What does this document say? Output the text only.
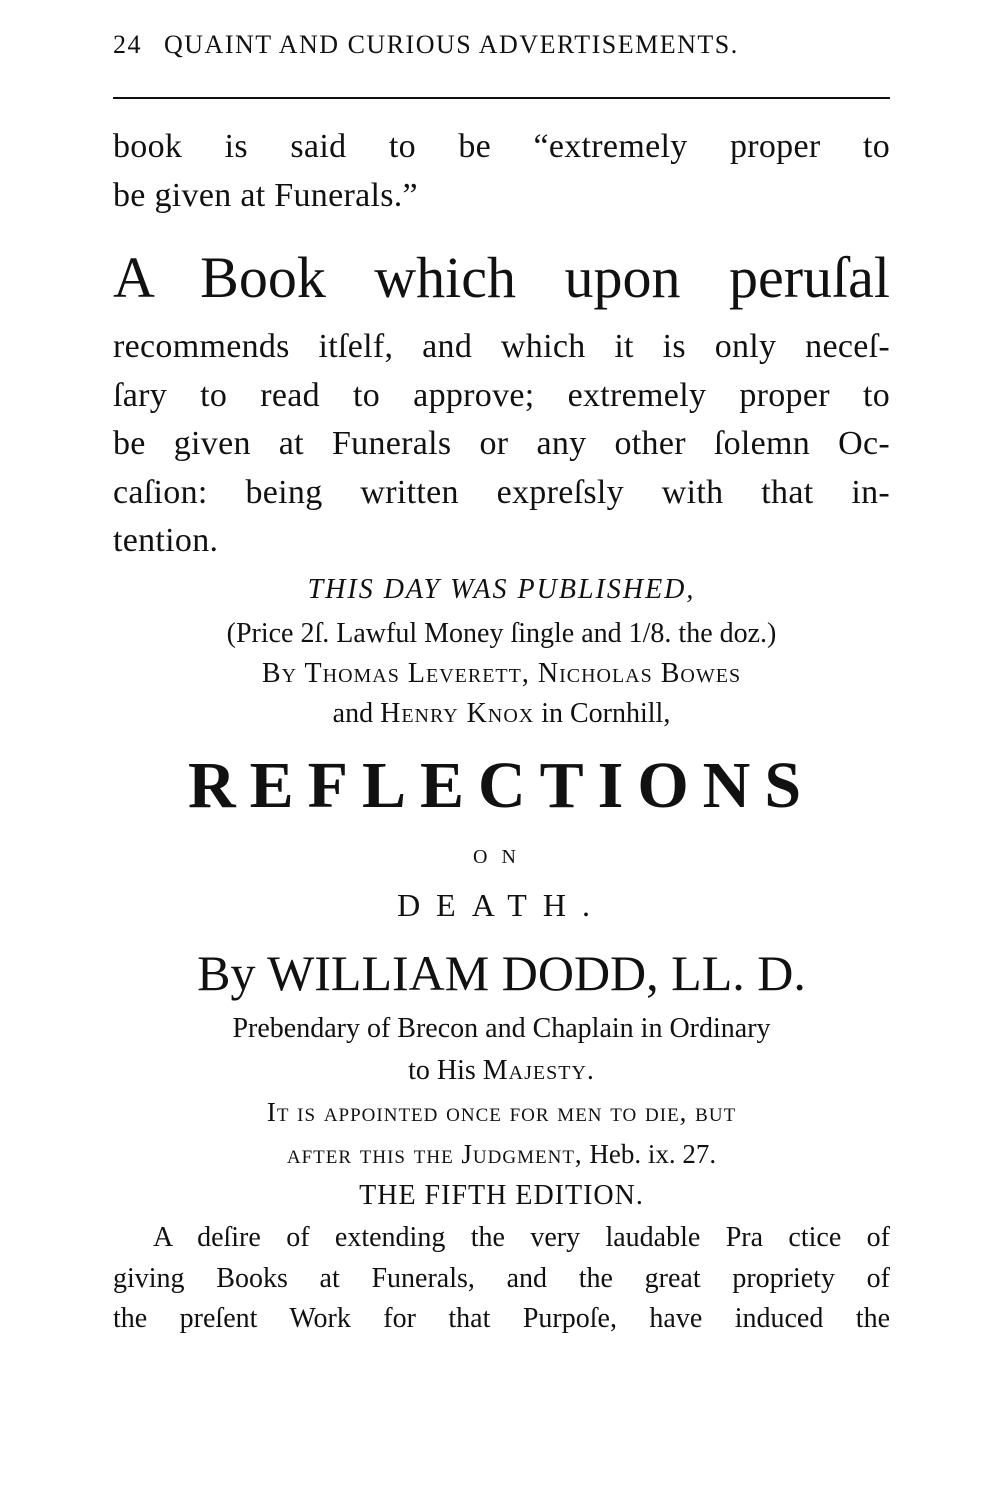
24 QUAINT AND CURIOUS ADVERTISEMENTS.
book is said to be “extremely proper to
be given at Funerals.”
A Book which upon peruſal
recommends itſelf, and which it is only neceſ-
ſary to read to approve; extremely proper to
be given at Funerals or any other ſolemn Oc-
caſion: being written expreſsly with that in-
tention.
THIS DAY WAS PUBLISHED,
(Price 2ſ. Lawful Money ſingle and 1/8. the doz.)
By Thomas Leverett, Nicholas Bowes
and Henry Knox in Cornhill,
REFLECTIONS
ON
DEATH.
By WILLIAM DODD, LL. D.
Prebendary of Brecon and Chaplain in Ordinary
to His Majesty.
It is appointed once for men to die, but
after this the Judgment, Heb. ix. 27.
THE FIFTH EDITION.
A deſire of extending the very laudable Pra ctice of
giving Books at Funerals, and the great propriety of
the preſent Work for that Purpoſe, have induced the
